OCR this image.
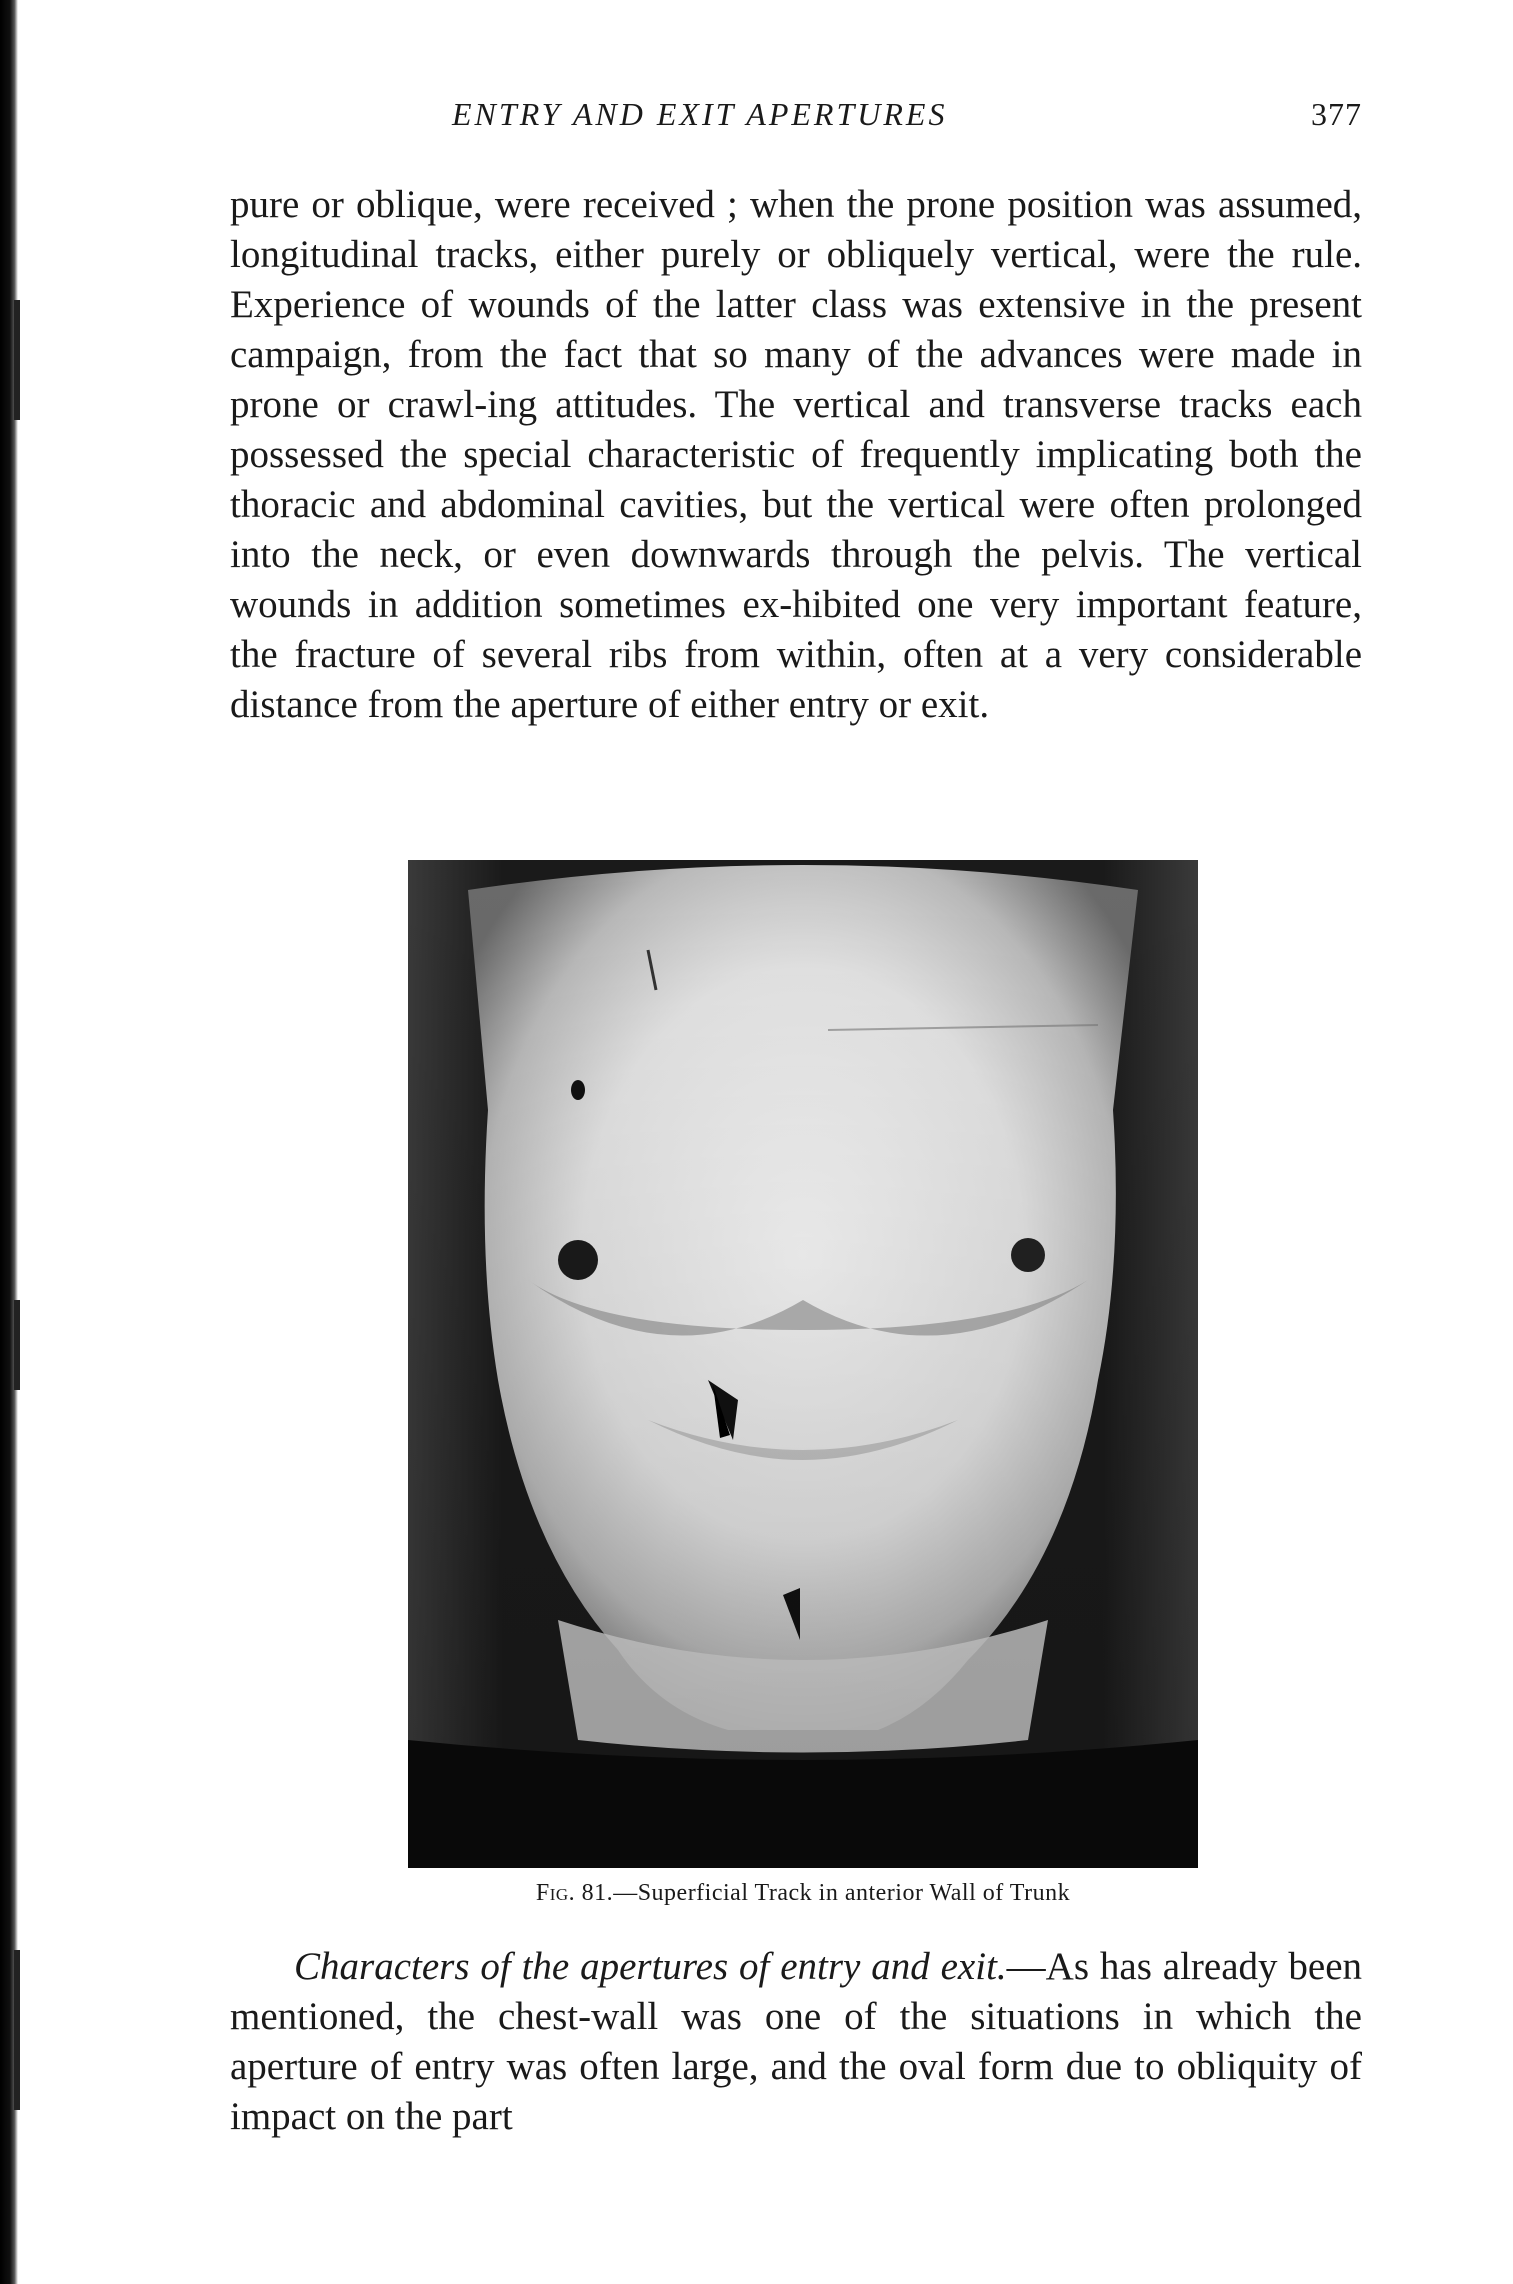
ENTRY AND EXIT APERTURES	377

pure or oblique, were received ; when the prone position was assumed, longitudinal tracks, either purely or obliquely vertical, were the rule. Experience of wounds of the latter class was extensive in the present campaign, from the fact that so many of the advances were made in prone or crawl-ing attitudes. The vertical and transverse tracks each possessed the special characteristic of frequently implicating both the thoracic and abdominal cavities, but the vertical were often prolonged into the neck, or even downwards through the pelvis. The vertical wounds in addition sometimes ex-hibited one very important feature, the fracture of several ribs from within, often at a very considerable distance from the aperture of either entry or exit.

Fig. 81.—Superficial Track in anterior Wall of Trunk

Characters of the apertures of entry and exit.—As has already been mentioned, the chest-wall was one of the situations in which the aperture of entry was often large, and the oval form due to obliquity of impact on the part
